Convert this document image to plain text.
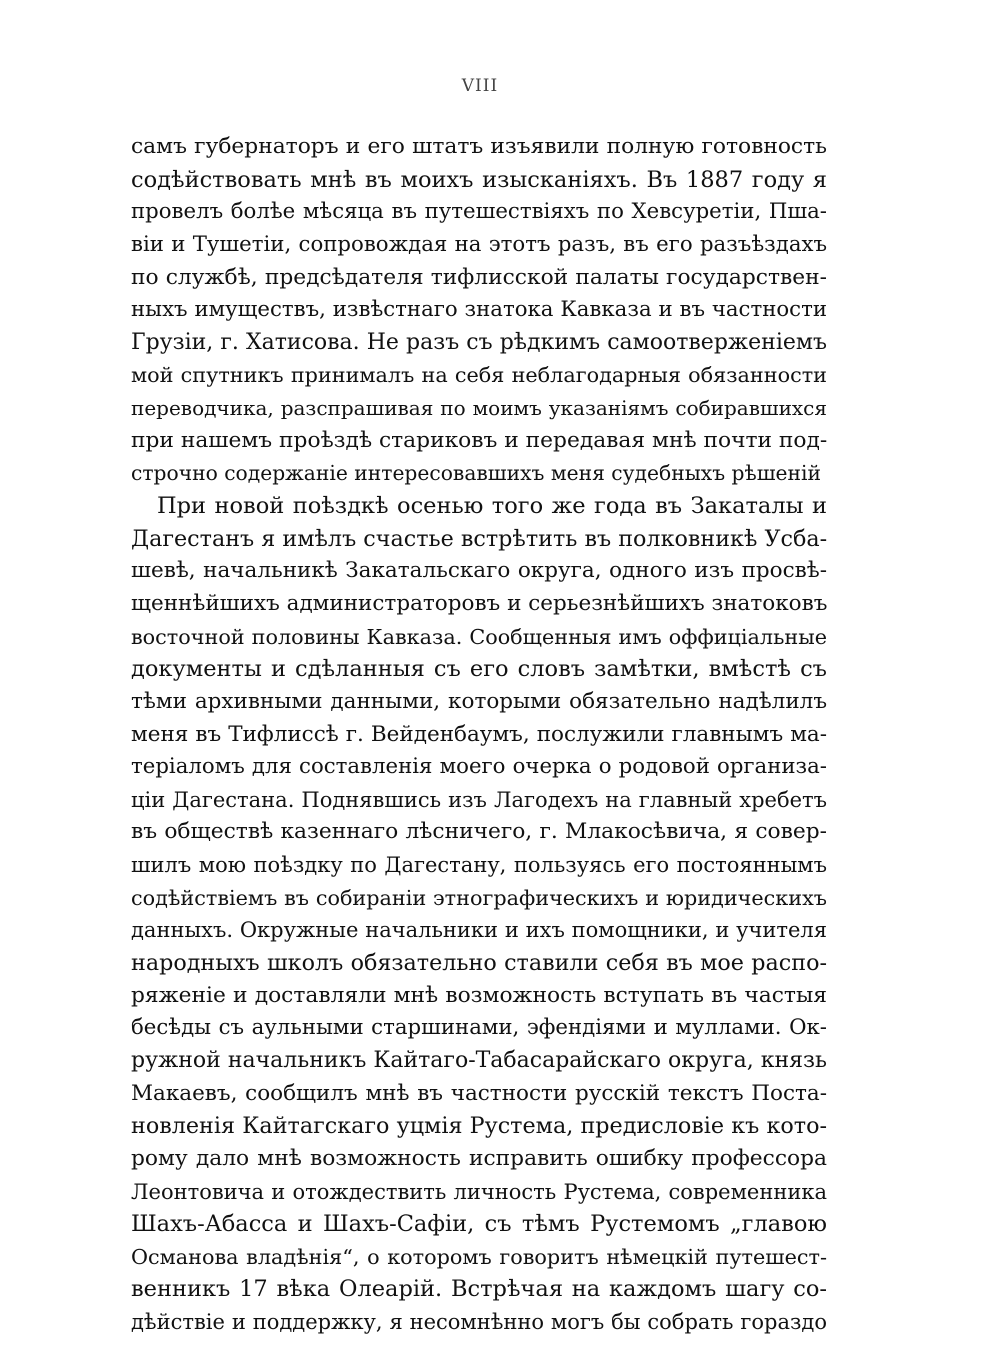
VIII
самъ губернаторъ и его штатъ изъявили полную готовность
содѣйствовать мнѣ въ моихъ изысканіяхъ. Въ 1887 году я
провелъ болѣе мѣсяца въ путешествіяхъ по Хевсуретіи, Пша-
віи и Тушетіи, сопровождая на этотъ разъ, въ его разъѣздахъ
по службѣ, предсѣдателя тифлисской палаты государствен-
ныхъ имуществъ, извѣстнаго знатока Кавказа и въ частности
Грузіи, г. Хатисова. Не разъ съ рѣдкимъ самоотверженіемъ
мой спутникъ принималъ на себя неблагодарныя обязанности
переводчика, разспрашивая по моимъ указаніямъ собиравшихся
при нашемъ проѣздѣ стариковъ и передавая мнѣ почти под-
строчно содержаніе интересовавшихъ меня судебныхъ рѣшеній
При новой поѣздкѣ осенью того же года въ Закаталы и
Дагестанъ я имѣлъ счастье встрѣтить въ полковникѣ Усба-
шевѣ, начальникѣ Закатальскаго округа, одного изъ просвѣ-
щеннѣйшихъ администраторовъ и серьезнѣйшихъ знатоковъ
восточной половины Кавказа. Сообщенныя имъ оффиціальные
документы и сдѣланныя съ его словъ замѣтки, вмѣстѣ съ
тѣми архивными данными, которыми обязательно надѣлилъ
меня въ Тифлиссѣ г. Вейденбаумъ, послужили главнымъ ма-
теріаломъ для составленія моего очерка о родовой организа-
ціи Дагестана. Поднявшись изъ Лагодехъ на главный хребетъ
въ обществѣ казеннаго лѣсничего, г. Млакосѣвича, я совер-
шилъ мою поѣздку по Дагестану, пользуясь его постояннымъ
содѣйствіемъ въ собираніи этнографическихъ и юридическихъ
данныхъ. Окружные начальники и ихъ помощники, и учителя
народныхъ школъ обязательно ставили себя въ мое распо-
ряженіе и доставляли мнѣ возможность вступать въ частыя
бесѣды съ аульными старшинами, эфендіями и муллами. Ок-
ружной начальникъ Кайтаго-Табасарайскаго округа, князь
Макаевъ, сообщилъ мнѣ въ частности русскій текстъ Поста-
новленія Кайтагскаго уцмія Рустема, предисловіе къ кото-
рому дало мнѣ возможность исправить ошибку профессора
Леонтовича и отождествить личность Рустема, современника
Шахъ-Абасса и Шахъ-Сафіи, съ тѣмъ Рустемомъ „главою
Османова владѣнія“, о которомъ говоритъ нѣмецкій путешест-
венникъ 17 вѣка Олеарій. Встрѣчая на каждомъ шагу со-
дѣйствіе и поддержку, я несомнѣнно могъ бы собрать гораздо
